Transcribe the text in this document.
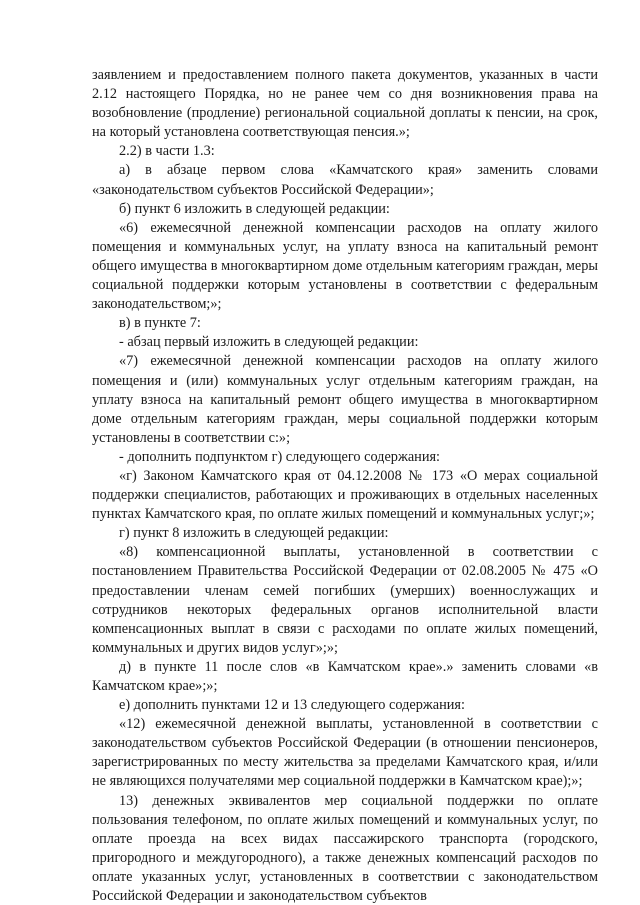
заявлением и предоставлением полного пакета документов, указанных в части 2.12 настоящего Порядка, но не ранее чем со дня возникновения права на возобновление (продление) региональной социальной доплаты к пенсии, на срок, на который установлена соответствующая пенсия.»;

2.2) в части 1.3:

а) в абзаце первом слова «Камчатского края» заменить словами «законодательством субъектов Российской Федерации»;

б) пункт 6 изложить в следующей редакции:

«6) ежемесячной денежной компенсации расходов на оплату жилого помещения и коммунальных услуг, на уплату взноса на капитальный ремонт общего имущества в многоквартирном доме отдельным категориям граждан, меры социальной поддержки которым установлены в соответствии с федеральным законодательством;»;

в) в пункте 7:

- абзац первый изложить в следующей редакции:

«7) ежемесячной денежной компенсации расходов на оплату жилого помещения и (или) коммунальных услуг отдельным категориям граждан, на уплату взноса на капитальный ремонт общего имущества в многоквартирном доме отдельным категориям граждан, меры социальной поддержки которым установлены в соответствии с:»;

- дополнить подпунктом г) следующего содержания:

«г) Законом Камчатского края от 04.12.2008 № 173 «О мерах социальной поддержки специалистов, работающих и проживающих в отдельных населенных пунктах Камчатского края, по оплате жилых помещений и коммунальных услуг;»;

г) пункт 8 изложить в следующей редакции:

«8) компенсационной выплаты, установленной в соответствии с постановлением Правительства Российской Федерации от 02.08.2005 № 475 «О предоставлении членам семей погибших (умерших) военнослужащих и сотрудников некоторых федеральных органов исполнительной власти компенсационных выплат в связи с расходами по оплате жилых помещений, коммунальных и других видов услуг»;»;

д) в пункте 11 после слов «в Камчатском крае».» заменить словами «в Камчатском крае»;»;

е) дополнить пунктами 12 и 13 следующего содержания:

«12) ежемесячной денежной выплаты, установленной в соответствии с законодательством субъектов Российской Федерации (в отношении пенсионеров, зарегистрированных по месту жительства за пределами Камчатского края, и/или не являющихся получателями мер социальной поддержки в Камчатском крае);»;

13) денежных эквивалентов мер социальной поддержки по оплате пользования телефоном, по оплате жилых помещений и коммунальных услуг, по оплате проезда на всех видах пассажирского транспорта (городского, пригородного и междугородного), а также денежных компенсаций расходов по оплате указанных услуг, установленных в соответствии с законодательством Российской Федерации и законодательством субъектов
